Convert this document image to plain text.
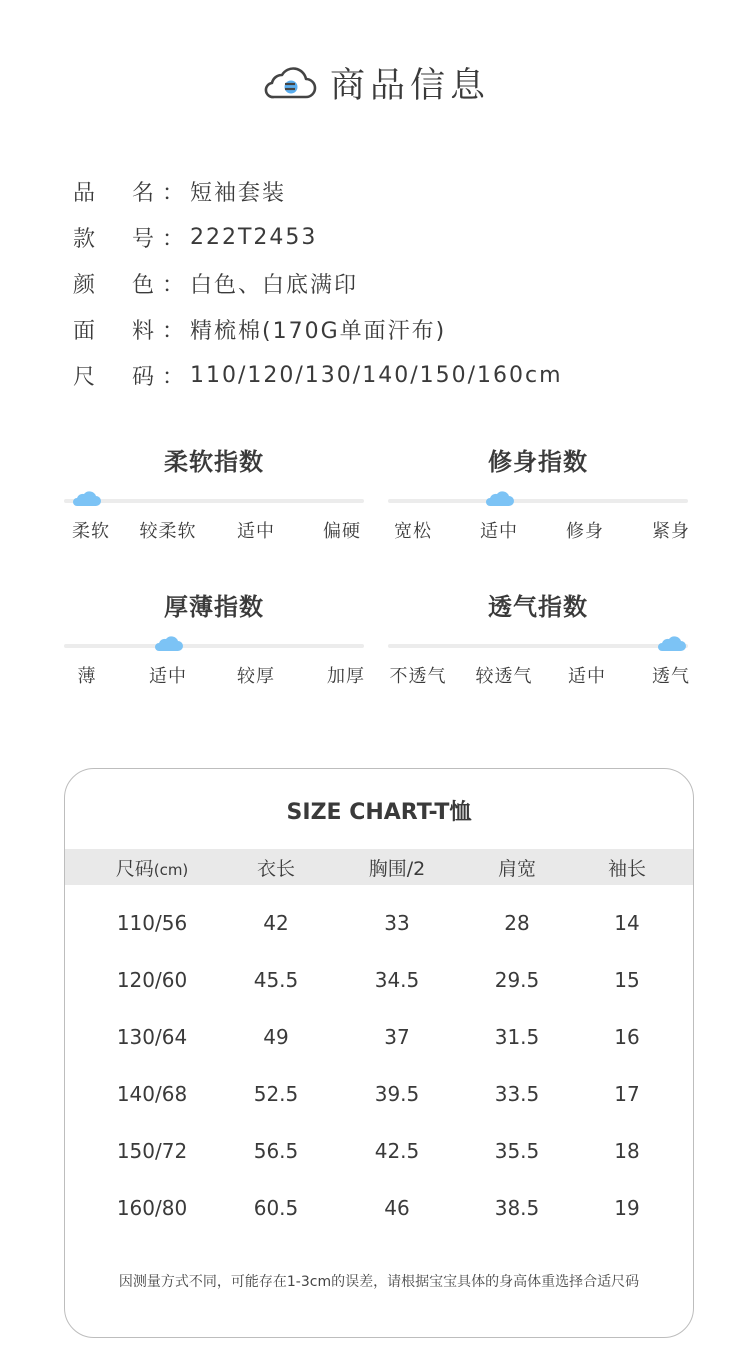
商品信息
品 名 ： 短袖套装
款 号 ： 222T2453
颜 色 ： 白色、白底满印
面 料 ： 精梳棉(170G单面汗布)
尺 码 ： 110/120/130/140/150/160cm
柔软指数
柔软 较柔软 适中	偏硬
修身指数
宽松	适中	修身	紧身
厚薄指数
薄	适中	较厚	加厚
透气指数
不透气 较透气 适中	透气
SIZE CHART-T恤
尺码(cm)	衣长	胸围/2	肩宽	袖长
110/56	42	33	28	14
120/60	45.5	34.5	29.5	15
130/64	49	37	31.5	16
140/68	52.5	39.5	33.5	17
150/72	56.5	42.5	35.5	18
160/80	60.5	46	38.5	19
因测量方式不同，可能存在1-3cm的误差，请根据宝宝具体的身高体重选择合适尺码
